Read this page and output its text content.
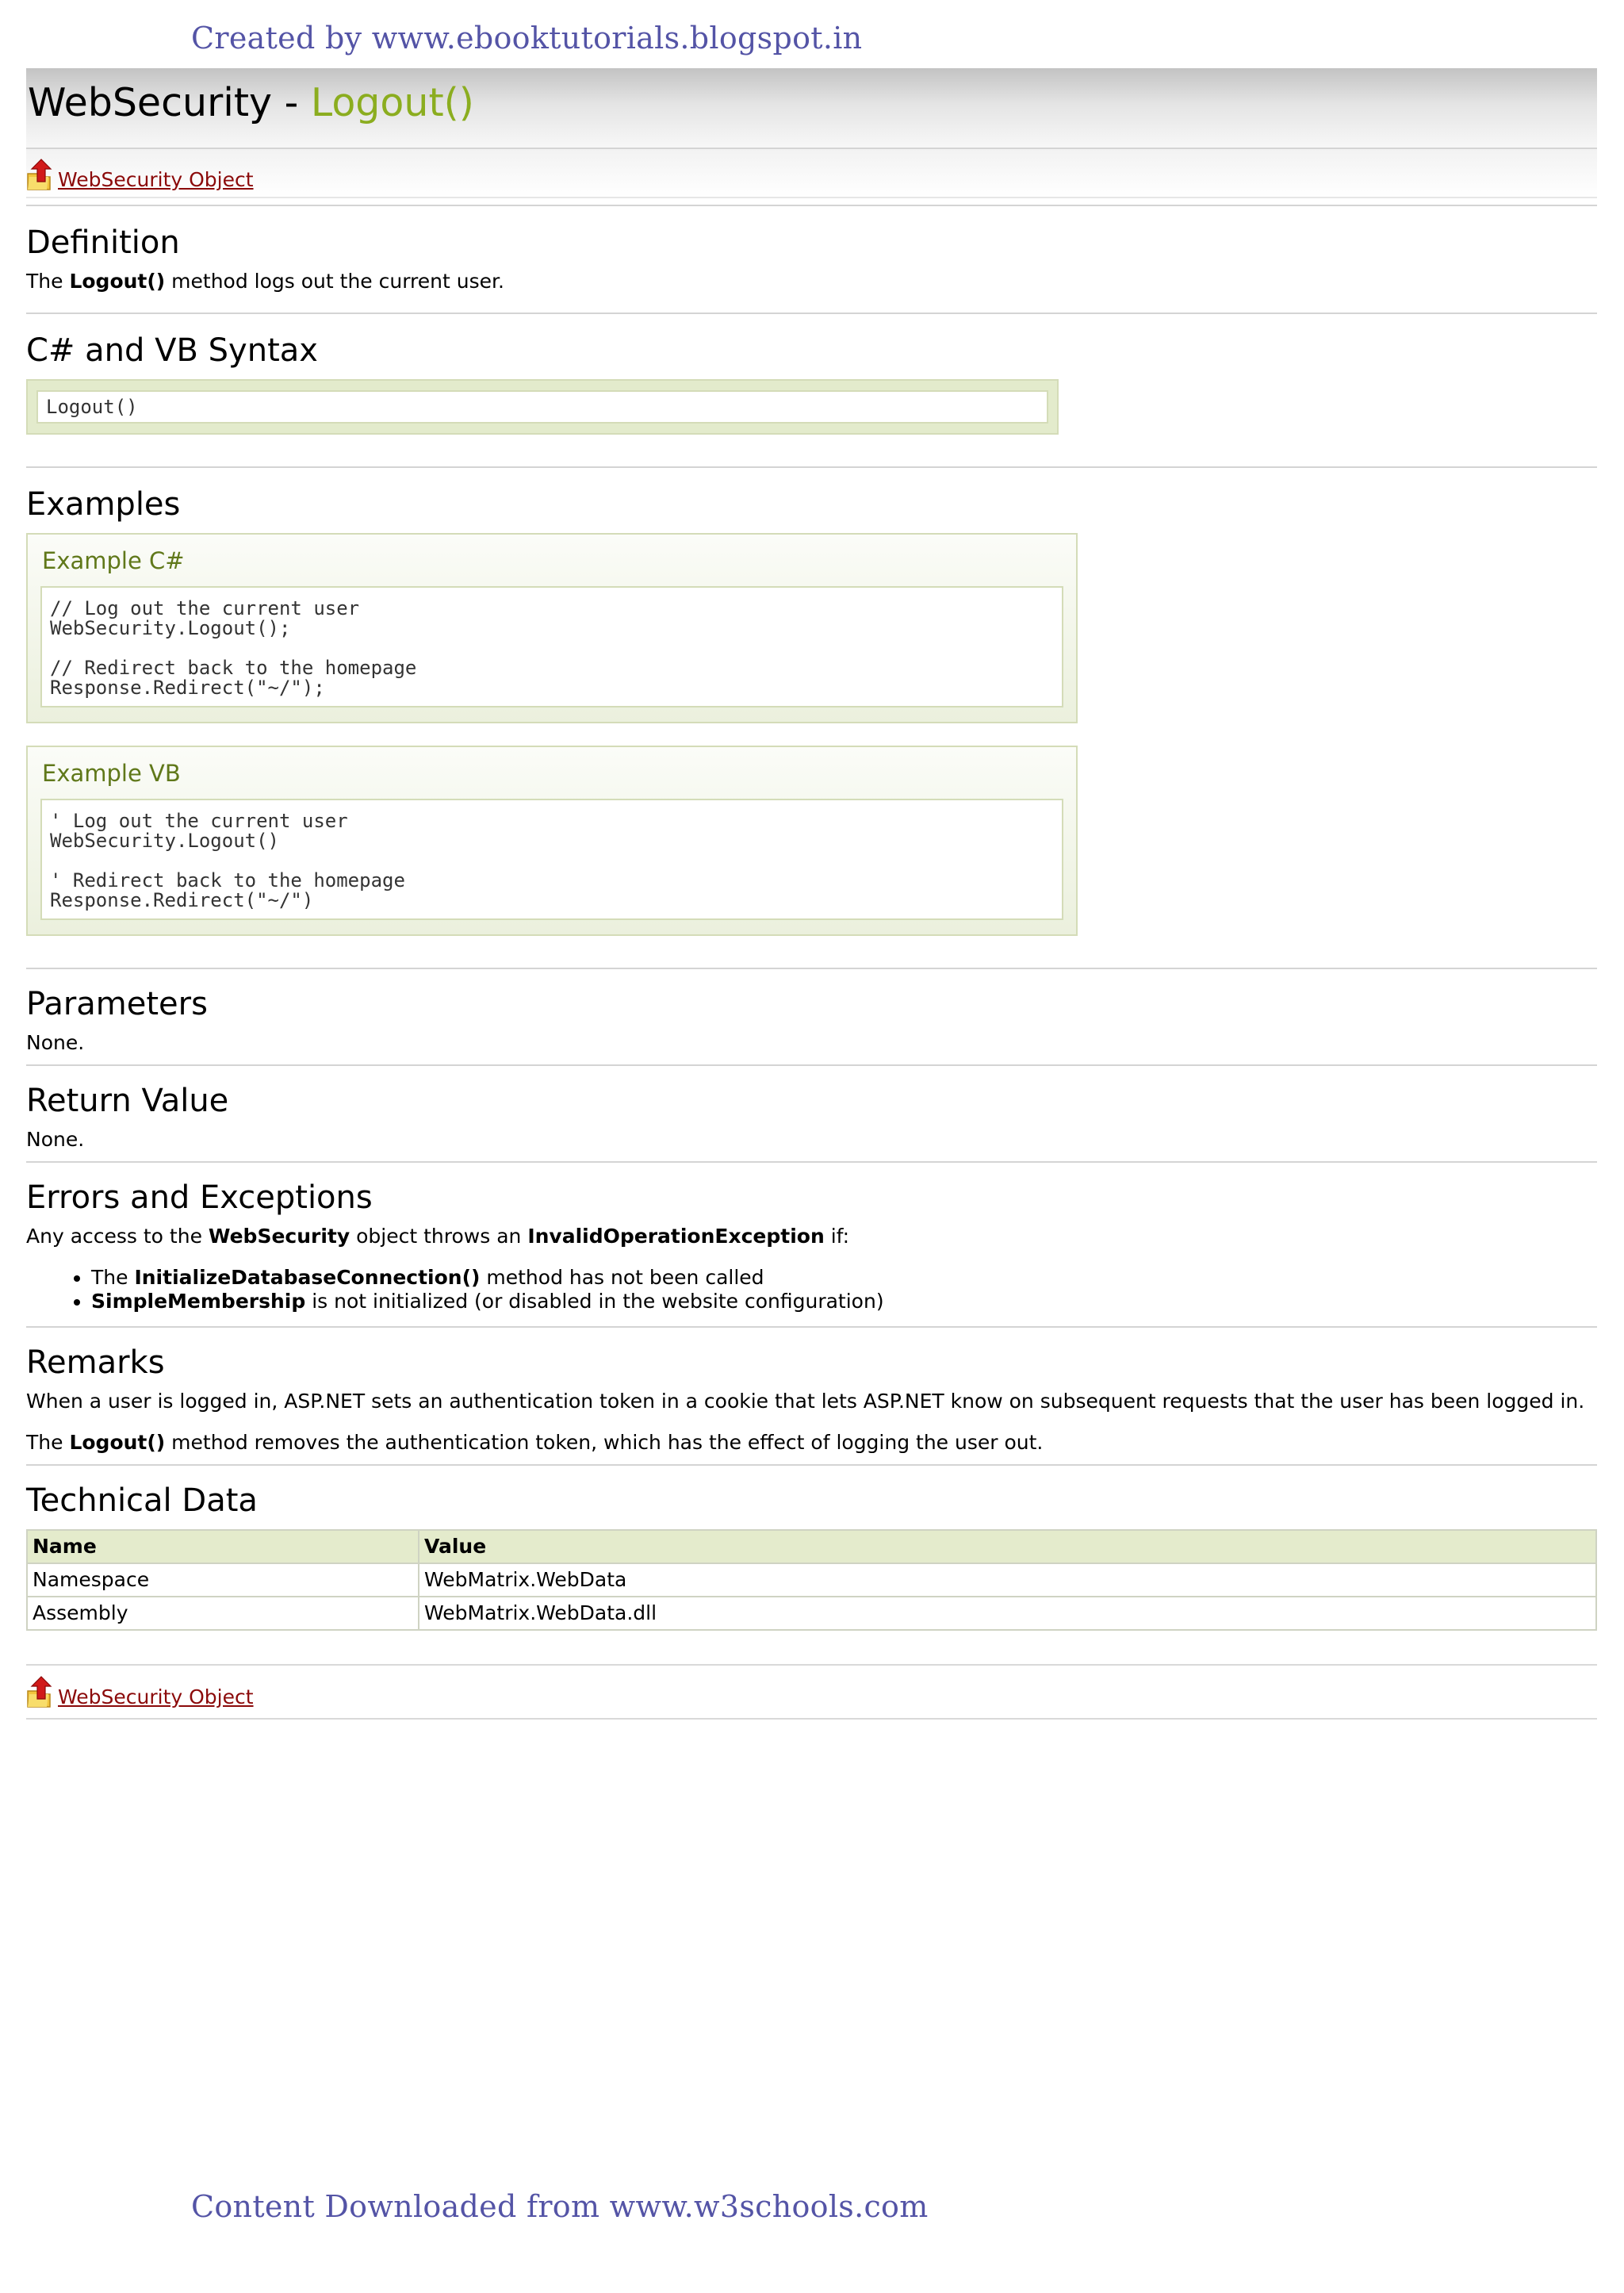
Created by www.ebooktutorials.blogspot.in
WebSecurity - Logout()
WebSecurity Object
Definition

The Logout() method logs out the current user.

C# and VB Syntax
Logout()
Examples
Example C#
// Log out the current user
WebSecurity.Logout();

// Redirect back to the homepage
Response.Redirect("~/");
Example VB
' Log out the current user
WebSecurity.Logout()

' Redirect back to the homepage
Response.Redirect("~/")
Parameters

None.

Return Value

None.

Errors and Exceptions

Any access to the WebSecurity object throws an InvalidOperationException if:

• The InitializeDatabaseConnection() method has not been called
• SimpleMembership is not initialized (or disabled in the website configuration)
Remarks

When a user is logged in, ASP.NET sets an authentication token in a cookie that lets ASP.NET know on subsequent requests that the user has been logged in.

The Logout() method removes the authentication token, which has the effect of logging the user out.

Technical Data
Name	Value
Namespace	WebMatrix.WebData
Assembly	WebMatrix.WebData.dll
WebSecurity Object
Content Downloaded from www.w3schools.com
